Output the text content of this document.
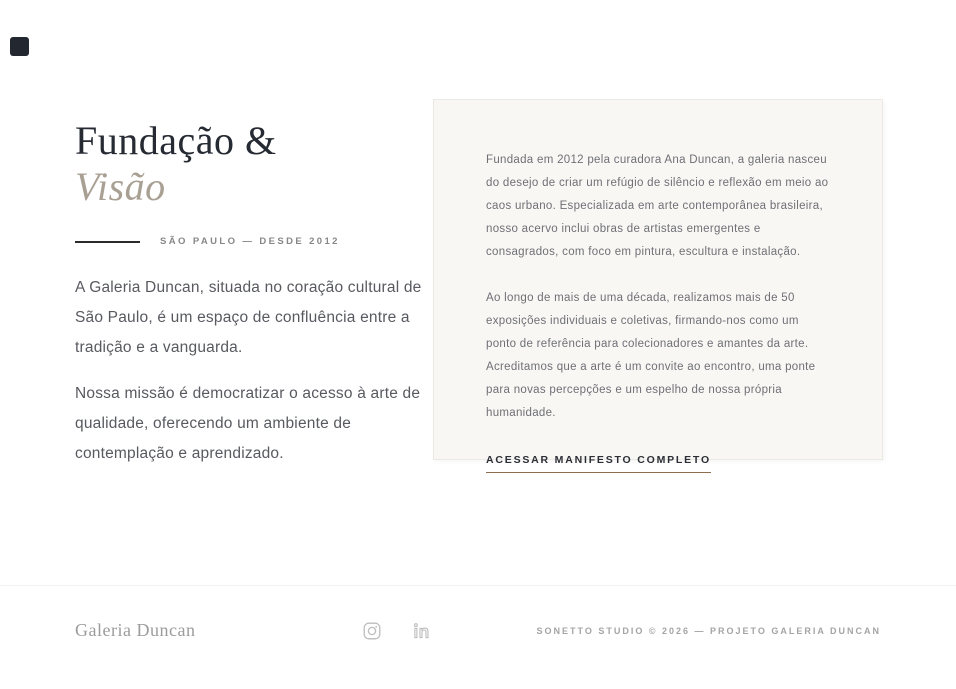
Fundação &
Visão
SÃO PAULO — DESDE 2012

A Galeria Duncan, situada no coração cultural de São Paulo, é um espaço de confluência entre a tradição e a vanguarda.

Nossa missão é democratizar o acesso à arte de qualidade, oferecendo um ambiente de contemplação e aprendizado.

Fundada em 2012 pela curadora Ana Duncan, a galeria nasceu do desejo de criar um refúgio de silêncio e reflexão em meio ao caos urbano. Especializada em arte contemporânea brasileira, nosso acervo inclui obras de artistas emergentes e consagrados, com foco em pintura, escultura e instalação.

Ao longo de mais de uma década, realizamos mais de 50 exposições individuais e coletivas, firmando-nos como um ponto de referência para colecionadores e amantes da arte. Acreditamos que a arte é um convite ao encontro, uma ponte para novas percepções e um espelho de nossa própria humanidade.

ACESSAR MANIFESTO COMPLETO
Galeria Duncan	SONETTO STUDIO © 2026 — PROJETO GALERIA DUNCAN
